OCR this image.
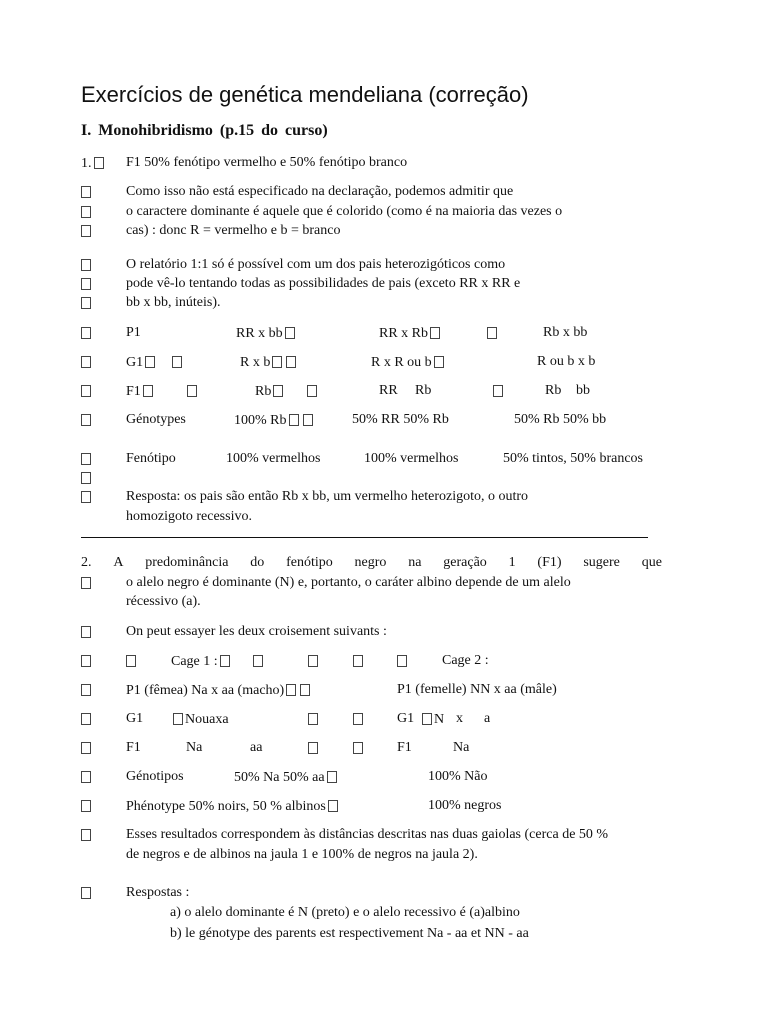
Exercícios de genética mendeliana (correção)
I. Monohibridismo (p.15 do curso)
1.	F1 50% fenótipo vermelho e 50% fenótipo branco
Como isso não está especificado na declaração, podemos admitir que
o caractere dominante é aquele que é colorido (como é na maioria das vezes o
cas) : donc R = vermelho e b = branco
O relatório 1:1 só é possível com um dos pais heterozigóticos como
pode vê-lo tentando todas as possibilidades de pais (exceto RR x RR e
bb x bb, inúteis).
P1	RR x bb	RR x Rb	Rb x bb
G1	R x b	R x R ou b	R ou b x b
F1	Rb	RR Rb	Rb bb
Génotypes	100% Rb	50% RR 50% Rb	50% Rb 50% bb
Fenótipo	100% vermelhos	100% vermelhos	50% tintos, 50% brancos
Resposta: os pais são então Rb x bb, um vermelho heterozigoto, o outro
homozigoto recessivo.
2. A predominância do fenótipo negro na geração 1 (F1) sugere que
o alelo negro é dominante (N) e, portanto, o caráter albino depende de um alelo
récessivo (a).
On peut essayer les deux croisement suivants :
Cage 1 :	Cage 2 :
P1 (fêmea) Na x aa (macho)	P1 (femelle) NN x aa (mâle)
G1	Nouaxa	G1	N x a
F1	Na	aa	F1	Na
Génotipos	50% Na 50% aa	100% Não
Phénotype 50% noirs, 50 % albinos	100% negros
Esses resultados correspondem às distâncias descritas nas duas gaiolas (cerca de 50 %
de negros e de albinos na jaula 1 e 100% de negros na jaula 2).
Respostas :
a) o alelo dominante é N (preto) e o alelo recessivo é (a)albino
b) le génotype des parents est respectivement Na - aa et NN - aa
